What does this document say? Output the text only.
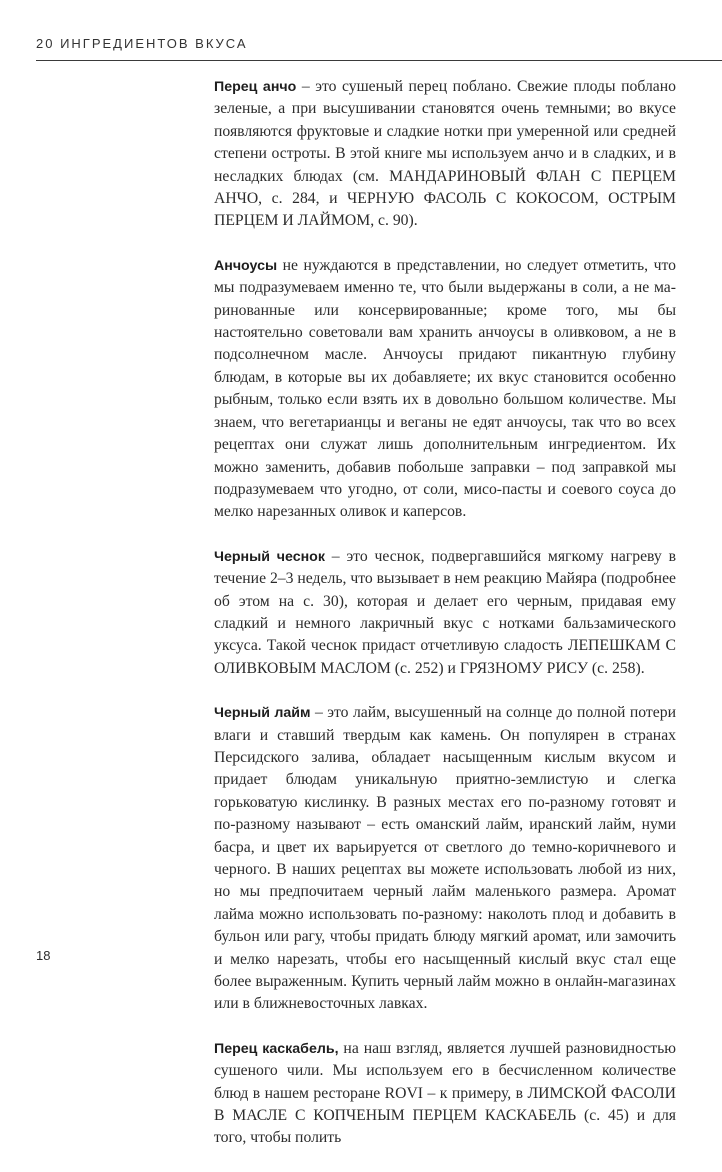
20 ИНГРЕДИЕНТОВ ВКУСА

Перец анчо – это сушеный перец поблано. Свежие плоды поблано зеленые, а при высушивании становятся очень темными; во вкусе появляются фруктовые и сладкие нотки при умеренной или средней степени остроты. В этой книге мы используем анчо и в сладких, и в несладких блюдах (см. МАНДАРИНОВЫЙ ФЛАН С ПЕРЦЕМ АНЧО, с. 284, и ЧЕРНУЮ ФАСОЛЬ С КОКОСОМ, ОСТРЫМ ПЕРЦЕМ И ЛАЙМОМ, с. 90).

Анчоусы не нуждаются в представлении, но следует отметить, что мы подразумеваем именно те, что были выдержаны в соли, а не маринованные или консервированные; кроме того, мы бы настоятельно советовали вам хранить анчоусы в оливковом, а не в подсолнечном масле. Анчоусы придают пикантную глубину блюдам, в которые вы их добавляете; их вкус становится особенно рыбным, только если взять их в довольно большом количестве. Мы знаем, что вегетарианцы и веганы не едят анчоусы, так что во всех рецептах они служат лишь дополнительным ингредиентом. Их можно заменить, добавив побольше заправки – под заправкой мы подразумеваем что угодно, от соли, мисо-пасты и соевого соуса до мелко нарезанных оливок и каперсов.

Черный чеснок – это чеснок, подвергавшийся мягкому нагреву в течение 2–3 недель, что вызывает в нем реакцию Майяра (подробнее об этом на с. 30), которая и делает его черным, придавая ему сладкий и немного лакричный вкус с нотками бальзамического уксуса. Такой чеснок придаст отчетливую сладость ЛЕПЕШКАМ С ОЛИВКОВЫМ МАСЛОМ (с. 252) и ГРЯЗНОМУ РИСУ (с. 258).

Черный лайм – это лайм, высушенный на солнце до полной потери влаги и ставший твердым как камень. Он популярен в странах Персидского залива, обладает насыщенным кислым вкусом и придает блюдам уникальную приятно-землистую и слегка горьковатую кислинку. В разных местах его по-разному готовят и по-разному называют – есть оманский лайм, иранский лайм, нуми басра, и цвет их варьируется от светлого до темно-коричневого и черного. В наших рецептах вы можете использовать любой из них, но мы предпочитаем черный лайм маленького размера. Аромат лайма можно использовать по-разному: наколоть плод и добавить в бульон или рагу, чтобы придать блюду мягкий аромат, или замочить и мелко нарезать, чтобы его насыщенный кислый вкус стал еще более выраженным. Купить черный лайм можно в онлайн-магазинах или в ближневосточных лавках.

Перец каскабель, на наш взгляд, является лучшей разновидностью сушеного чили. Мы используем его в бесчисленном количестве блюд в нашем ресторане ROVI – к примеру, в ЛИМСКОЙ ФАСОЛИ В МАСЛЕ С КОПЧЕНЫМ ПЕРЦЕМ КАСКАБЕЛЬ (с. 45) и для того, чтобы полить

18
